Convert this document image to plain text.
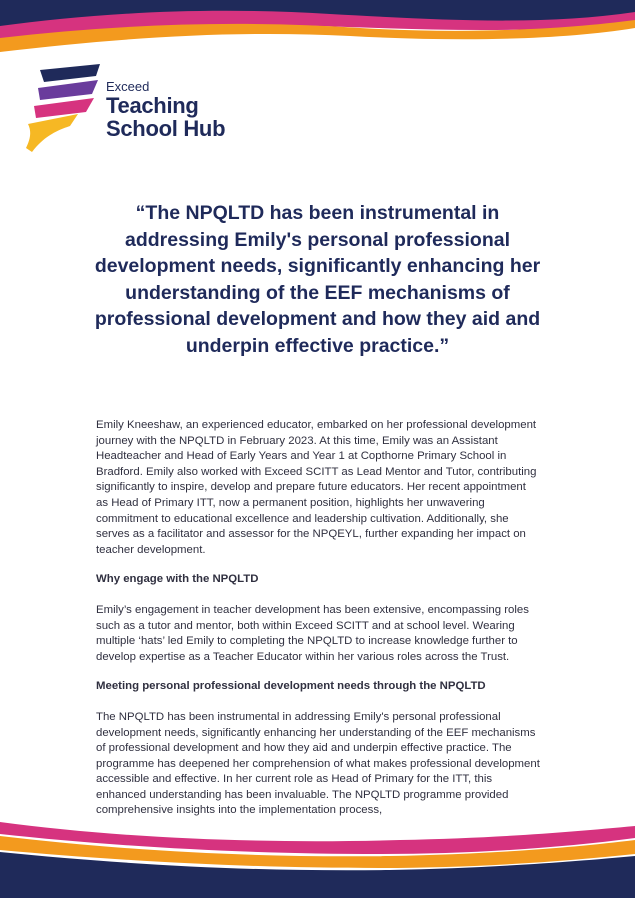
Exceed
Teaching
School Hub
“The NPQLTD has been instrumental in addressing Emily's personal professional development needs, significantly enhancing her understanding of the EEF mechanisms of professional development and how they aid and underpin effective practice.”

Emily Kneeshaw, an experienced educator, embarked on her professional development journey with the NPQLTD in February 2023. At this time, Emily was an Assistant Headteacher and Head of Early Years and Year 1 at Copthorne Primary School in Bradford. Emily also worked with Exceed SCITT as Lead Mentor and Tutor, contributing significantly to inspire, develop and prepare future educators. Her recent appointment as Head of Primary ITT, now a permanent position, highlights her unwavering commitment to educational excellence and leadership cultivation. Additionally, she serves as a facilitator and assessor for the NPQEYL, further expanding her impact on teacher development.

Why engage with the NPQLTD

Emily’s engagement in teacher development has been extensive, encompassing roles such as a tutor and mentor, both within Exceed SCITT and at school level. Wearing multiple ‘hats’ led Emily to completing the NPQLTD to increase knowledge further to develop expertise as a Teacher Educator within her various roles across the Trust.

Meeting personal professional development needs through the NPQLTD

The NPQLTD has been instrumental in addressing Emily's personal professional development needs, significantly enhancing her understanding of the EEF mechanisms of professional development and how they aid and underpin effective practice. The programme has deepened her comprehension of what makes professional development accessible and effective. In her current role as Head of Primary for the ITT, this enhanced understanding has been invaluable. The NPQLTD programme provided comprehensive insights into the implementation process,
